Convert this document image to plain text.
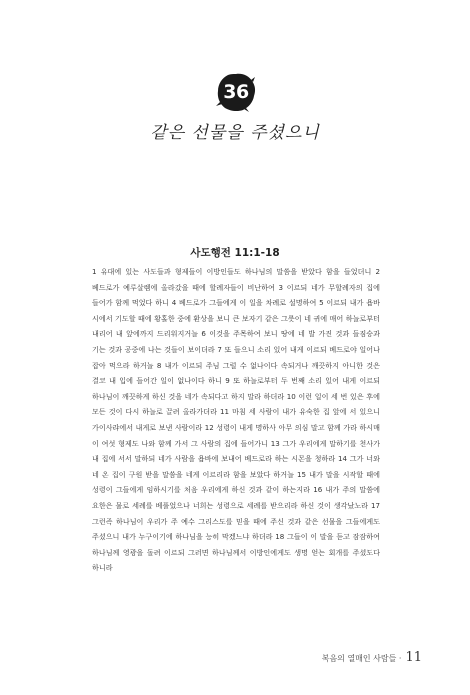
36
같은 선물을 주셨으니
사도행전 11:1-18
1 유대에 있는 사도들과 형제들이 이방인들도 하나님의 말씀을 받았다 함을 들었더니 2 베드로가 예루살렘에 올라갔을 때에 할례자들이 비난하여 3 이르되 네가 무할례자의 집에 들어가 함께 먹었다 하니 4 베드로가 그들에게 이 일을 차례로 설명하여 5 이르되 내가 욥바 시에서 기도할 때에 황홀한 중에 환상을 보니 큰 보자기 같은 그릇이 네 귀에 매어 하늘로부터 내리어 내 앞에까지 드리워지거늘 6 이것을 주목하여 보니 땅에 네 발 가진 것과 들짐승과 기는 것과 공중에 나는 것들이 보이더라 7 또 들으니 소리 있어 내게 이르되 베드로야 일어나 잡아 먹으라 하거늘 8 내가 이르되 주님 그럴 수 없나이다 속되거나 깨끗하지 아니한 것은 결코 내 입에 들어간 일이 없나이다 하니 9 또 하늘로부터 두 번째 소리 있어 내게 이르되 하나님이 깨끗하게 하신 것을 네가 속되다고 하지 말라 하더라 10 이런 일이 세 번 있은 후에 모든 것이 다시 하늘로 끌려 올라가더라 11 마침 세 사람이 내가 유숙한 집 앞에 서 있으니 가이사랴에서 내게로 보낸 사람이라 12 성령이 내게 명하사 아무 의심 말고 함께 가라 하시매 이 여섯 형제도 나와 함께 가서 그 사람의 집에 들어가니 13 그가 우리에게 말하기를 천사가 내 집에 서서 말하되 네가 사람을 욥바에 보내어 베드로라 하는 시몬을 청하라 14 그가 너와 네 온 집이 구원 받을 말씀을 네게 이르리라 함을 보았다 하거늘 15 내가 말을 시작할 때에 성령이 그들에게 임하시기를 처음 우리에게 하신 것과 같이 하는지라 16 내가 주의 말씀에 요한은 물로 세례를 베풀었으나 너희는 성령으로 세례를 받으리라 하신 것이 생각났노라 17 그런즉 하나님이 우리가 주 예수 그리스도를 믿을 때에 주신 것과 같은 선물을 그들에게도 주셨으니 내가 누구이기에 하나님을 능히 막겠느냐 하더라 18 그들이 이 말을 듣고 잠잠하여 하나님께 영광을 돌려 이르되 그러면 하나님께서 이방인에게도 생명 얻는 회개를 주셨도다 하니라
복음의 열매인 사람들 · 11
